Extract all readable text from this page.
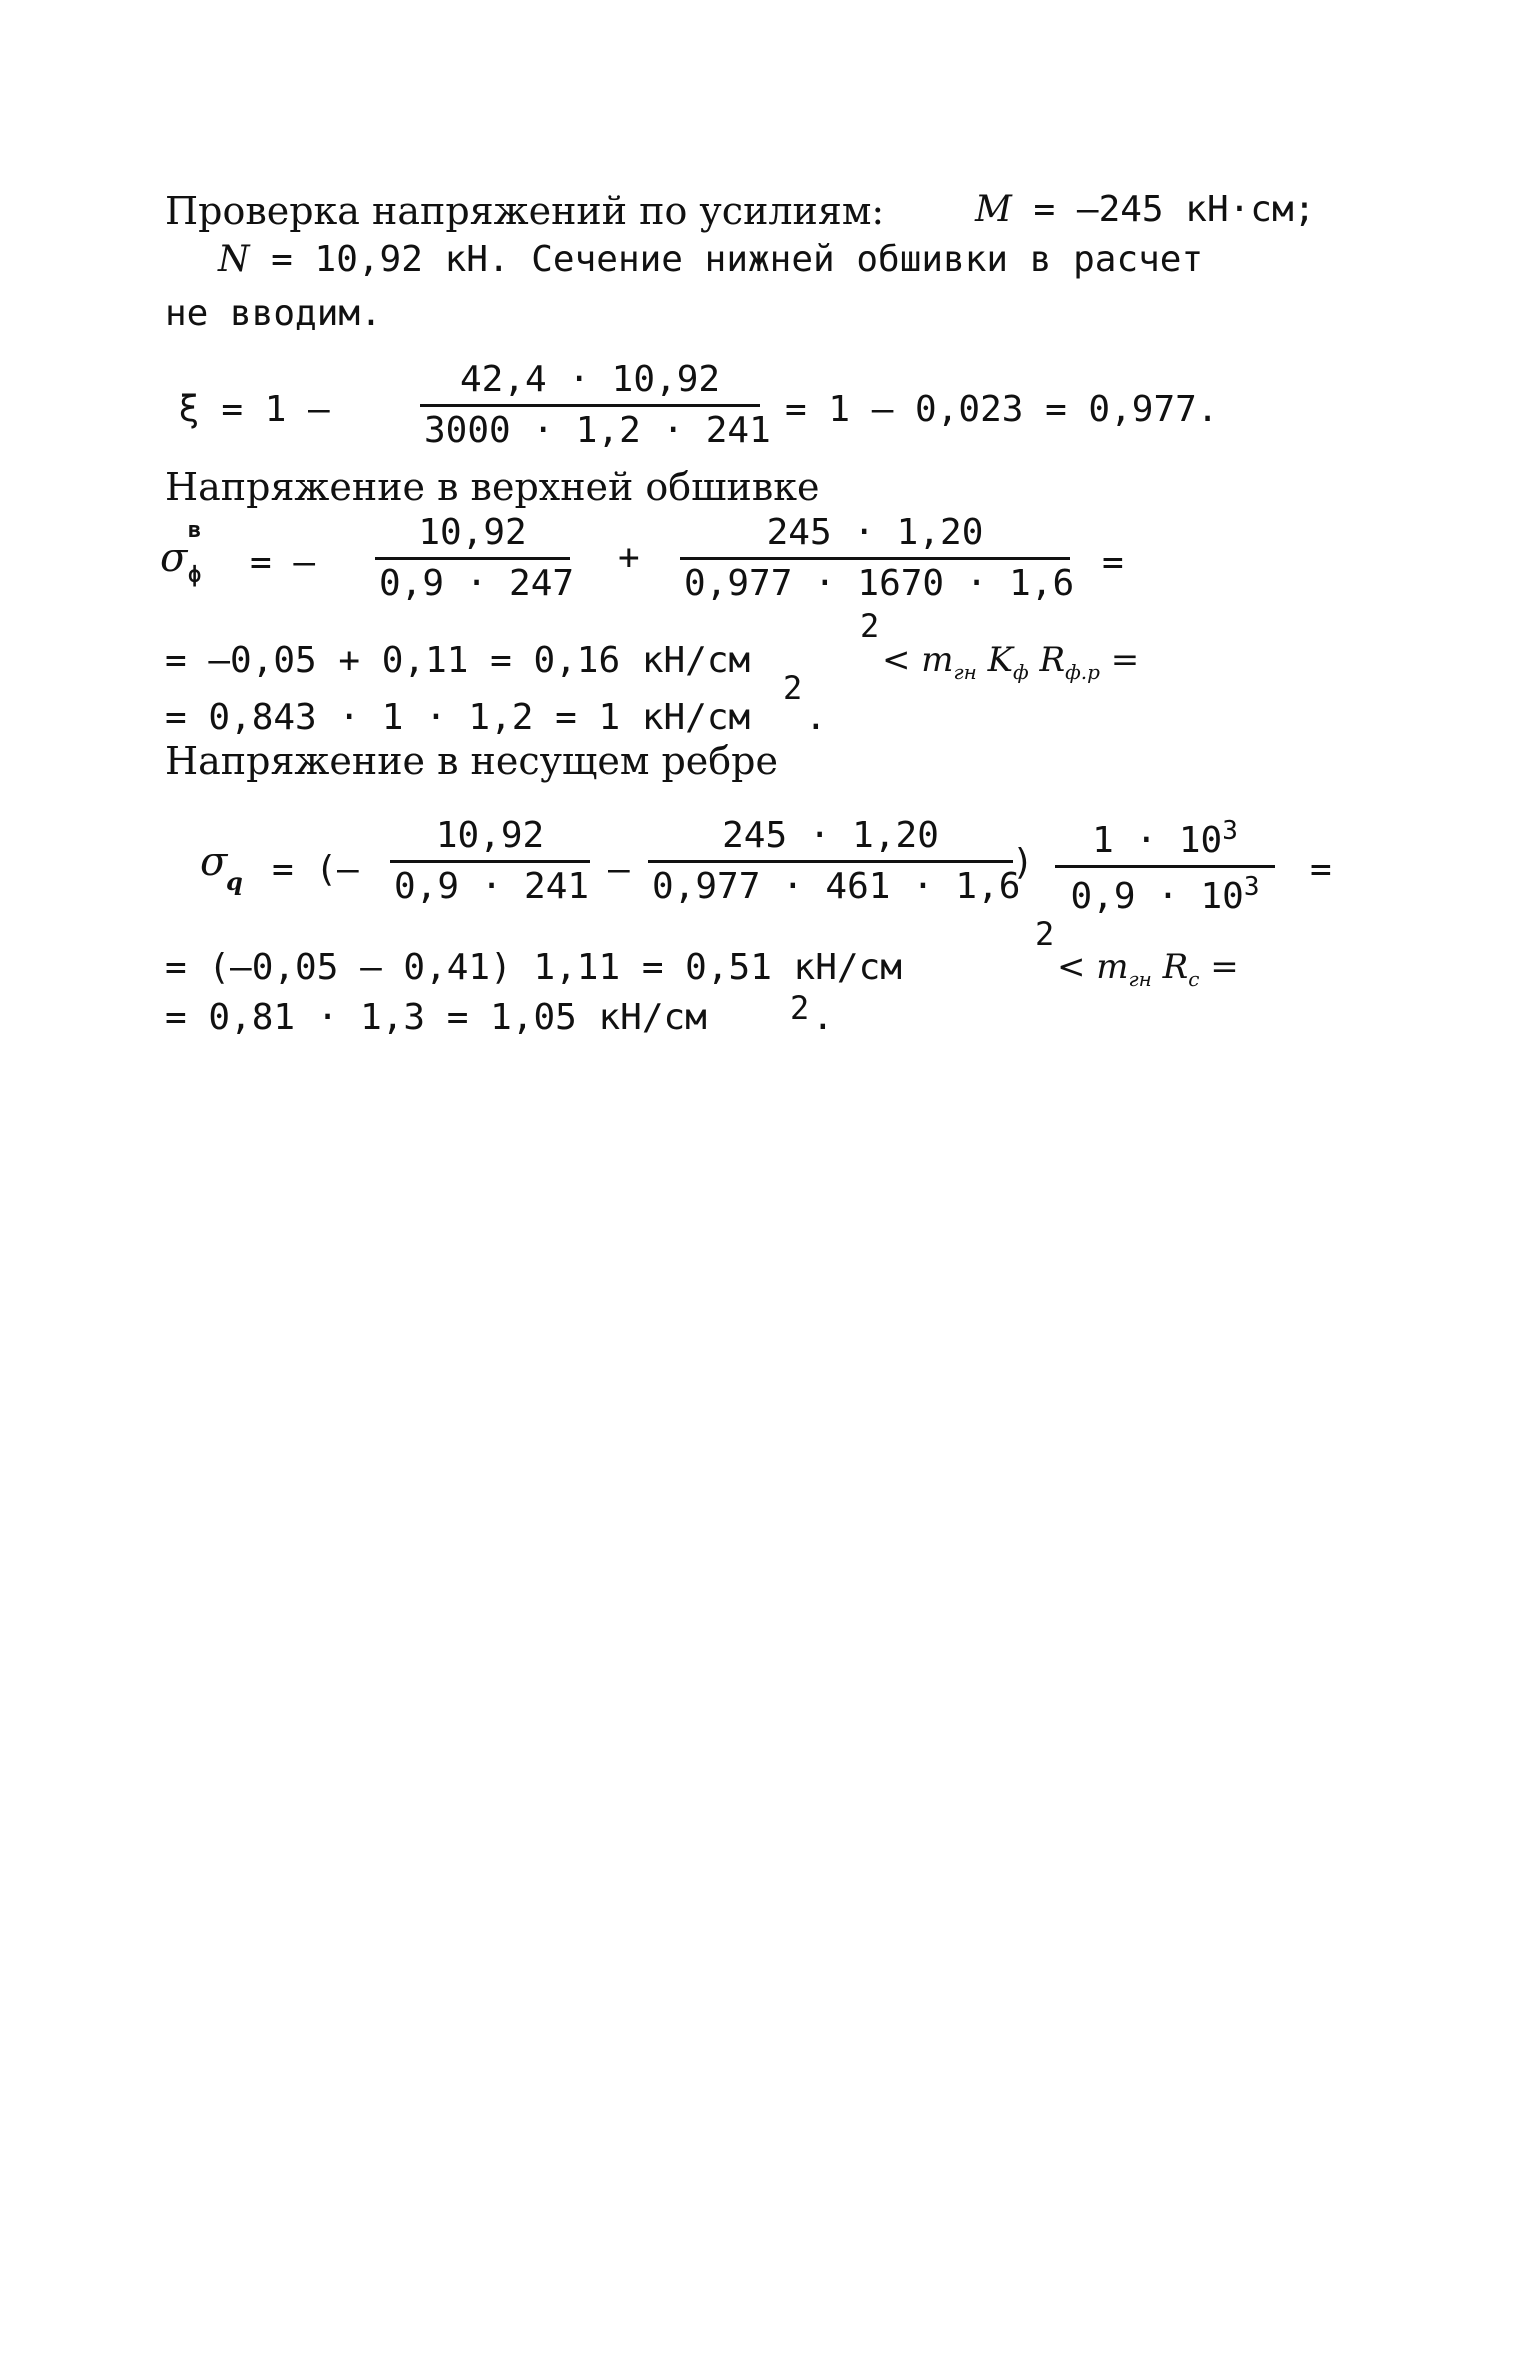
Проверка напряжений по усилиям:	M = –245 кН·см;
N = 10,92 кН. Сечение нижней обшивки в расчет
не вводим.
ξ = 1 –
42,4 · 10,92
3000 · 1,2 · 241
= 1 – 0,023 = 0,977.
Напряжение в верхней обшивке
σ
в
ф = –
10,92
0,9 · 247
+
245 · 1,20
0,977 · 1670 · 1,6
=
= –0,05 + 0,11 = 0,16 кН/см
2
< $m_{гн}$ $K_ф$ $R_{ф.р}$ =
= 0,843 · 1 · 1,2 = 1 кН/см
2
.
Напряжение в несущем ребре
σ
q = (–
10,92
0,9 · 241 –
245 · 1,20
0,977 · 461 · 1,6
)
$1 \cdot 10^3$
$0,9 \cdot 10^3$	=
= (–0,05 – 0,41) 1,11 = 0,51 кН/см
2
< $m_{гн}$ $R_с$ =
= 0,81 · 1,3 = 1,05 кН/см	2 .
